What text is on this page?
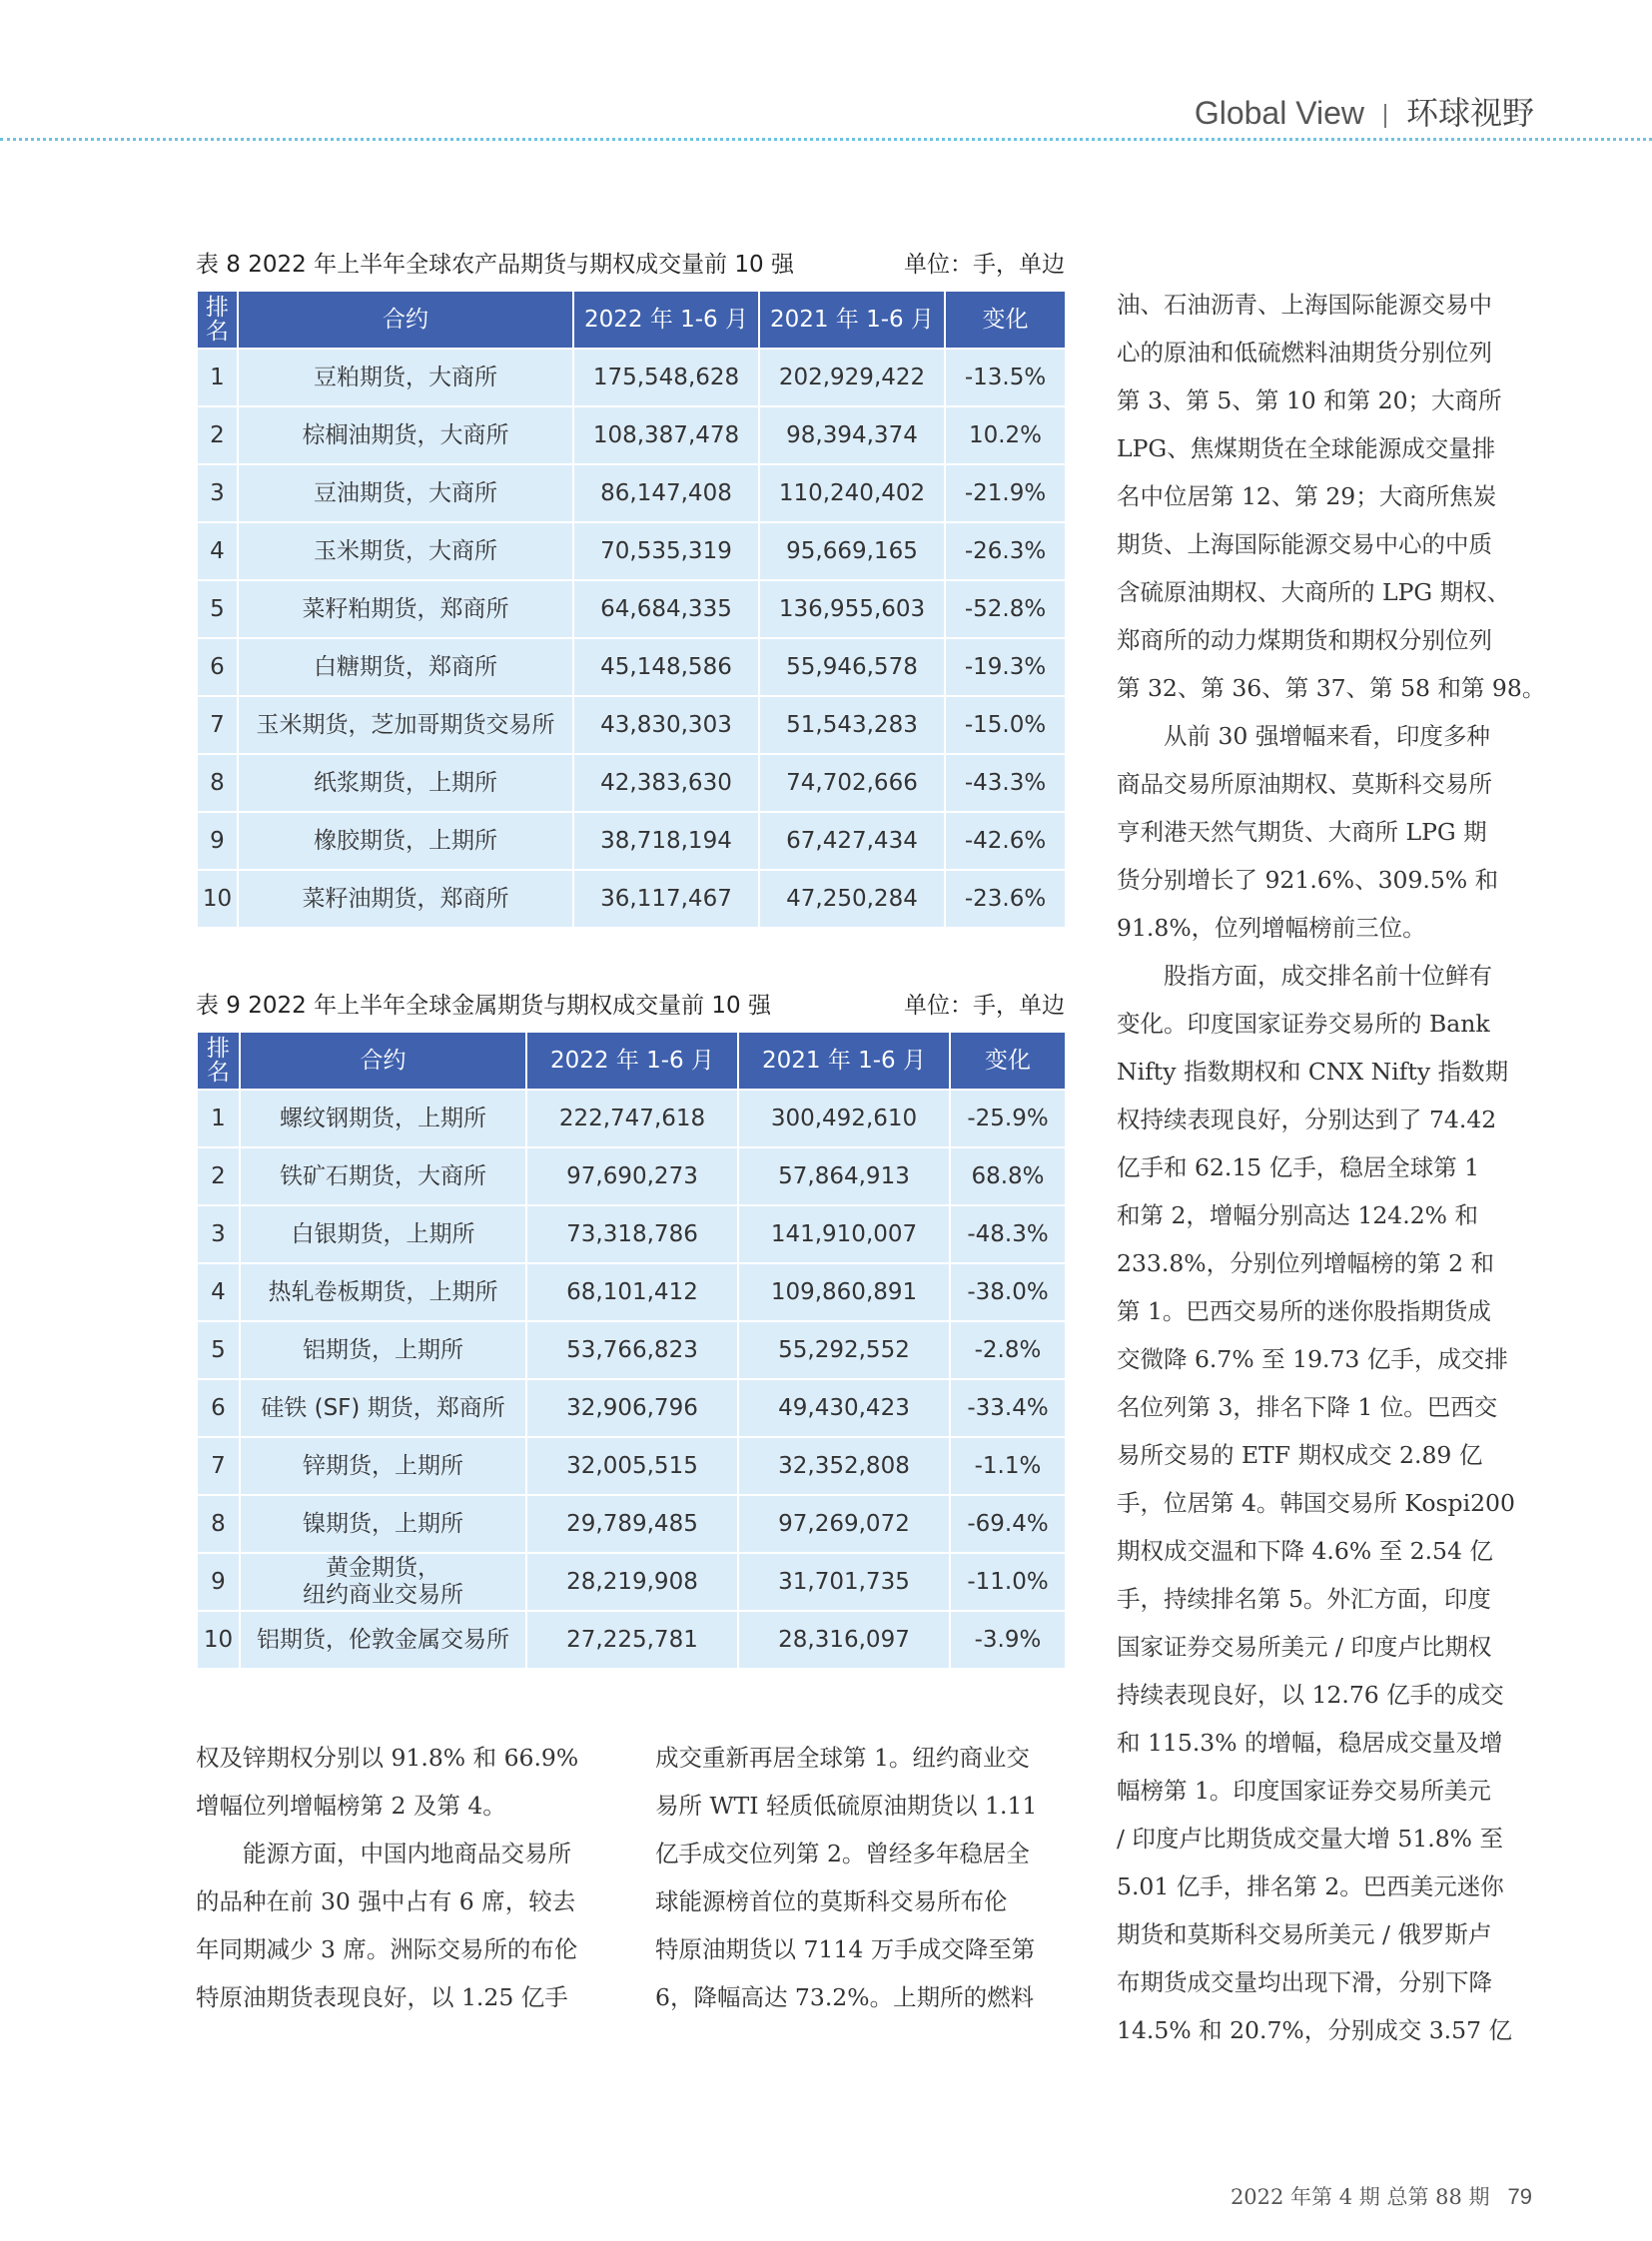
Global View 环球视野
表 8 2022 年上半年全球农产品期货与期权成交量前 10 强	单位：手，单边
排
名	合约	2022 年 1-6 月	2021 年 1-6 月	变化
1	豆粕期货，大商所	175,548,628	202,929,422	-13.5%
2	棕榈油期货，大商所	108,387,478	98,394,374	10.2%
3	豆油期货，大商所	86,147,408	110,240,402	-21.9%
4	玉米期货，大商所	70,535,319	95,669,165	-26.3%
5	菜籽粕期货，郑商所	64,684,335	136,955,603	-52.8%
6	白糖期货，郑商所	45,148,586	55,946,578	-19.3%
7	玉米期货，芝加哥期货交易所	43,830,303	51,543,283	-15.0%
8	纸浆期货，上期所	42,383,630	74,702,666	-43.3%
9	橡胶期货，上期所	38,718,194	67,427,434	-42.6%
10	菜籽油期货，郑商所	36,117,467	47,250,284	-23.6%
表 9 2022 年上半年全球金属期货与期权成交量前 10 强	单位：手，单边
排
名	合约	2022 年 1-6 月	2021 年 1-6 月	变化
1	螺纹钢期货，上期所	222,747,618	300,492,610	-25.9%
2	铁矿石期货，大商所	97,690,273	57,864,913	68.8%
3	白银期货，上期所	73,318,786	141,910,007	-48.3%
4	热轧卷板期货，上期所	68,101,412	109,860,891	-38.0%
5	铝期货，上期所	53,766,823	55,292,552	-2.8%
6	硅铁 (SF) 期货，郑商所	32,906,796	49,430,423	-33.4%
7	锌期货，上期所	32,005,515	32,352,808	-1.1%
8	镍期货，上期所	29,789,485	97,269,072	-69.4%
9	黄金期货，
纽约商业交易所	28,219,908	31,701,735	-11.0%
10	铝期货，伦敦金属交易所	27,225,781	28,316,097	-3.9%
权及锌期权分别以 91.8% 和 66.9%
增幅位列增幅榜第 2 及第 4。
　　能源方面，中国内地商品交易所
的品种在前 30 强中占有 6 席，较去
年同期减少 3 席。洲际交易所的布伦
特原油期货表现良好，以 1.25 亿手
成交重新再居全球第 1。纽约商业交
易所 WTI 轻质低硫原油期货以 1.11
亿手成交位列第 2。曾经多年稳居全
球能源榜首位的莫斯科交易所布伦
特原油期货以 7114 万手成交降至第
6，降幅高达 73.2%。上期所的燃料
油、石油沥青、上海国际能源交易中
心的原油和低硫燃料油期货分别位列
第 3、第 5、第 10 和第 20；大商所
LPG、焦煤期货在全球能源成交量排
名中位居第 12、第 29；大商所焦炭
期货、上海国际能源交易中心的中质
含硫原油期权、大商所的 LPG 期权、
郑商所的动力煤期货和期权分别位列
第 32、第 36、第 37、第 58 和第 98。
　　从前 30 强增幅来看，印度多种
商品交易所原油期权、莫斯科交易所
亨利港天然气期货、大商所 LPG 期
货分别增长了 921.6%、309.5% 和
91.8%，位列增幅榜前三位。
　　股指方面，成交排名前十位鲜有
变化。印度国家证券交易所的 Bank
Nifty 指数期权和 CNX Nifty 指数期
权持续表现良好，分别达到了 74.42
亿手和 62.15 亿手，稳居全球第 1
和第 2，增幅分别高达 124.2% 和
233.8%，分别位列增幅榜的第 2 和
第 1。巴西交易所的迷你股指期货成
交微降 6.7% 至 19.73 亿手，成交排
名位列第 3，排名下降 1 位。巴西交
易所交易的 ETF 期权成交 2.89 亿
手，位居第 4。韩国交易所 Kospi200
期权成交温和下降 4.6% 至 2.54 亿
手，持续排名第 5。外汇方面，印度
国家证券交易所美元 / 印度卢比期权
持续表现良好，以 12.76 亿手的成交
和 115.3% 的增幅，稳居成交量及增
幅榜第 1。印度国家证券交易所美元
/ 印度卢比期货成交量大增 51.8% 至
5.01 亿手，排名第 2。巴西美元迷你
期货和莫斯科交易所美元 / 俄罗斯卢
布期货成交量均出现下滑，分别下降
14.5% 和 20.7%，分别成交 3.57 亿
2022 年第 4 期 总第 88 期 79
